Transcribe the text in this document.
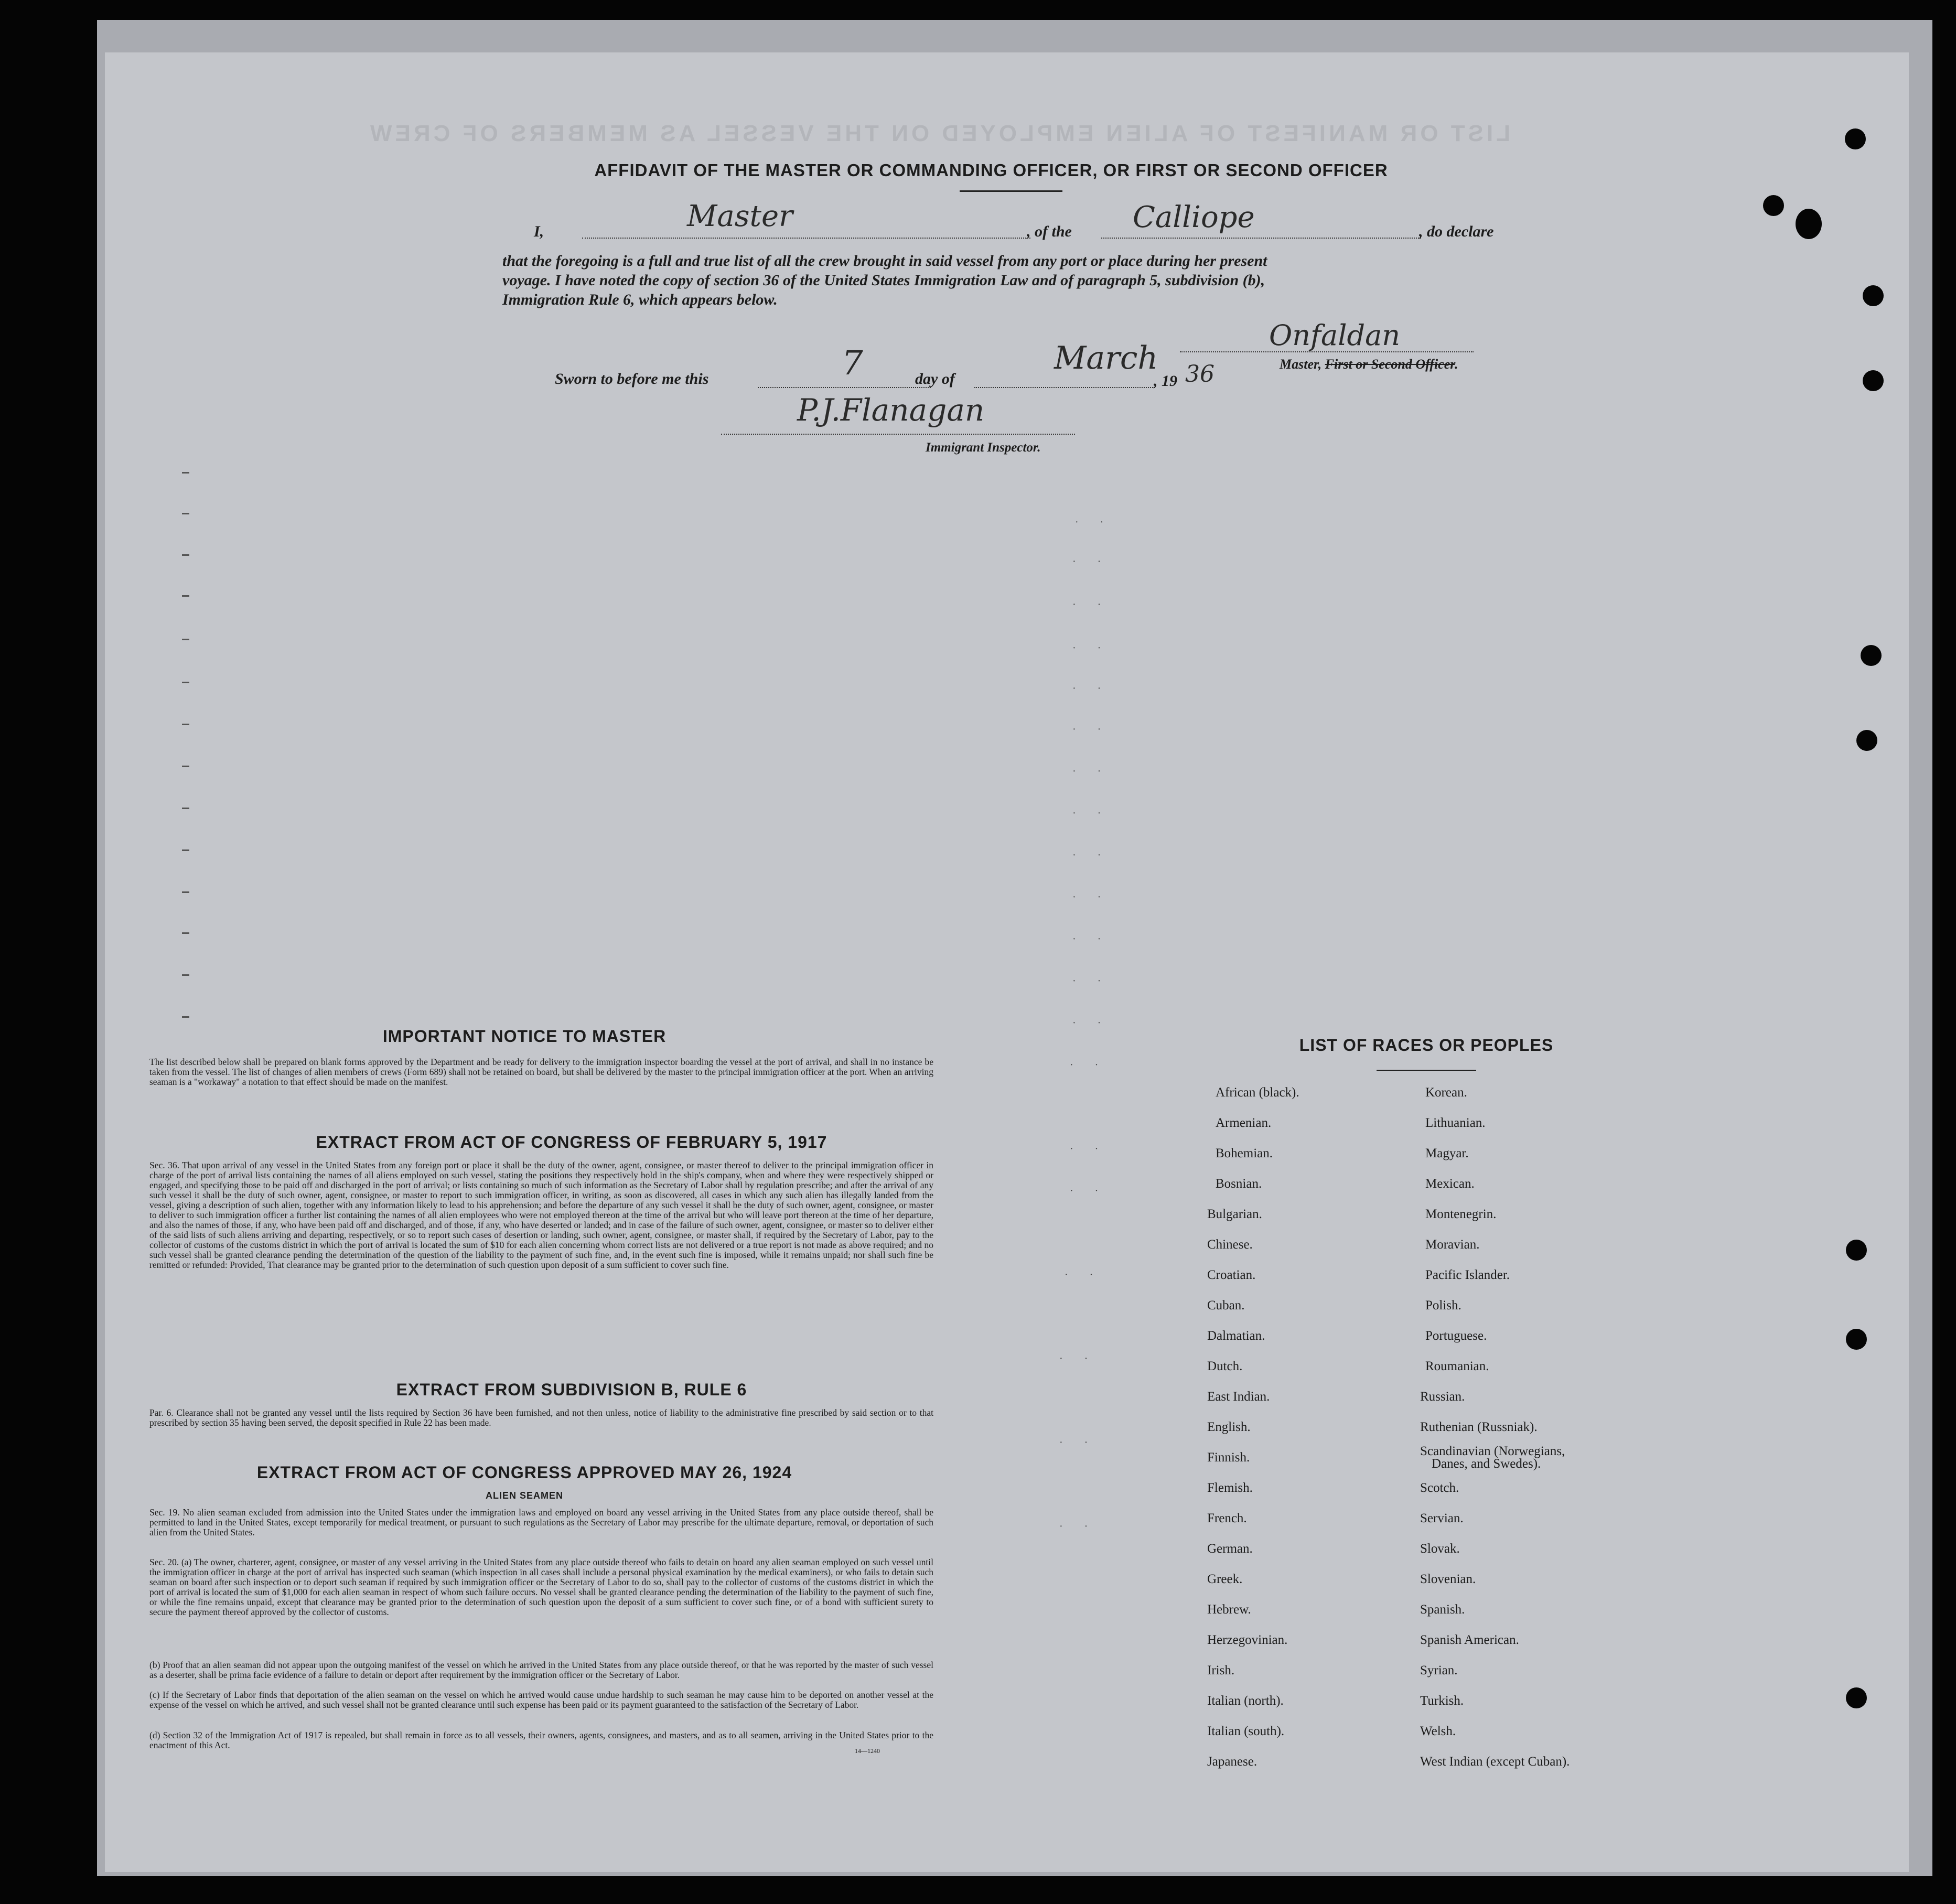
LIST OR MANIFEST OF ALIEN EMPLOYED ON THE VESSEL AS MEMBERS OF CREW
AFFIDAVIT OF THE MASTER OR COMMANDING OFFICER, OR FIRST OR SECOND OFFICER
I,	Master	, of the Calliope	, do declare
that the foregoing is a full and true list of all the crew brought in said vessel from any port or place during her present
voyage. I have noted the copy of section 36 of the United States Immigration Law and of paragraph 5, subdivision (b),
Immigration Rule 6, which appears below.
Sworn to before me this	7	day of
March
, 19 36
Onfaldan
Master, First or Second Officer.
P.J.Flanagan
Immigrant Inspector.
· ·
· ·
· ·
· ·
· ·
· ·
· ·
· ·
· ·
· ·
· ·
· ·
· ·
· ·
· ·
· ·
· ·
· ·
· ·
· ·
IMPORTANT NOTICE TO MASTER
The list described below shall be prepared on blank forms approved by the Department and be ready for delivery to the immigration inspector boarding the vessel at the port of arrival, and shall in no instance be taken from the vessel. The list of changes of alien members of crews (Form 689) shall not be retained on board, but shall be delivered by the master to the principal immigration officer at the port. When an arriving seaman is a "workaway" a notation to that effect should be made on the manifest.
EXTRACT FROM ACT OF CONGRESS OF FEBRUARY 5, 1917
Sec. 36. That upon arrival of any vessel in the United States from any foreign port or place it shall be the duty of the owner, agent, consignee, or master thereof to deliver to the principal immigration officer in charge of the port of arrival lists containing the names of all aliens employed on such vessel, stating the positions they respectively hold in the ship's company, when and where they were respectively shipped or engaged, and specifying those to be paid off and discharged in the port of arrival; or lists containing so much of such information as the Secretary of Labor shall by regulation prescribe; and after the arrival of any such vessel it shall be the duty of such owner, agent, consignee, or master to report to such immigration officer, in writing, as soon as discovered, all cases in which any such alien has illegally landed from the vessel, giving a description of such alien, together with any information likely to lead to his apprehension; and before the departure of any such vessel it shall be the duty of such owner, agent, consignee, or master to deliver to such immigration officer a further list containing the names of all alien employees who were not employed thereon at the time of the arrival but who will leave port thereon at the time of her departure, and also the names of those, if any, who have been paid off and discharged, and of those, if any, who have deserted or landed; and in case of the failure of such owner, agent, consignee, or master so to deliver either of the said lists of such aliens arriving and departing, respectively, or so to report such cases of desertion or landing, such owner, agent, consignee, or master shall, if required by the Secretary of Labor, pay to the collector of customs of the customs district in which the port of arrival is located the sum of $10 for each alien concerning whom correct lists are not delivered or a true report is not made as above required; and no such vessel shall be granted clearance pending the determination of the question of the liability to the payment of such fine, and, in the event such fine is imposed, while it remains unpaid; nor shall such fine be remitted or refunded: Provided, That clearance may be granted prior to the determination of such question upon deposit of a sum sufficient to cover such fine.
EXTRACT FROM SUBDIVISION B, RULE 6
Par. 6. Clearance shall not be granted any vessel until the lists required by Section 36 have been furnished, and not then unless, notice of liability to the administrative fine prescribed by said section or to that prescribed by section 35 having been served, the deposit specified in Rule 22 has been made.
EXTRACT FROM ACT OF CONGRESS APPROVED MAY 26, 1924
ALIEN SEAMEN
Sec. 19. No alien seaman excluded from admission into the United States under the immigration laws and employed on board any vessel arriving in the United States from any place outside thereof, shall be permitted to land in the United States, except temporarily for medical treatment, or pursuant to such regulations as the Secretary of Labor may prescribe for the ultimate departure, removal, or deportation of such alien from the United States.
Sec. 20. (a) The owner, charterer, agent, consignee, or master of any vessel arriving in the United States from any place outside thereof who fails to detain on board any alien seaman employed on such vessel until the immigration officer in charge at the port of arrival has inspected such seaman (which inspection in all cases shall include a personal physical examination by the medical examiners), or who fails to detain such seaman on board after such inspection or to deport such seaman if required by such immigration officer or the Secretary of Labor to do so, shall pay to the collector of customs of the customs district in which the port of arrival is located the sum of $1,000 for each alien seaman in respect of whom such failure occurs. No vessel shall be granted clearance pending the determination of the liability to the payment of such fine, or while the fine remains unpaid, except that clearance may be granted prior to the determination of such question upon the deposit of a sum sufficient to cover such fine, or of a bond with sufficient surety to secure the payment thereof approved by the collector of customs.
(b) Proof that an alien seaman did not appear upon the outgoing manifest of the vessel on which he arrived in the United States from any place outside thereof, or that he was reported by the master of such vessel as a deserter, shall be prima facie evidence of a failure to detain or deport after requirement by the immigration officer or the Secretary of Labor.
(c) If the Secretary of Labor finds that deportation of the alien seaman on the vessel on which he arrived would cause undue hardship to such seaman he may cause him to be deported on another vessel at the expense of the vessel on which he arrived, and such vessel shall not be granted clearance until such expense has been paid or its payment guaranteed to the satisfaction of the Secretary of Labor.
(d) Section 32 of the Immigration Act of 1917 is repealed, but shall remain in force as to all vessels, their owners, agents, consignees, and masters, and as to all seamen, arriving in the United States prior to the enactment of this Act.
14—1240
LIST OF RACES OR PEOPLES
African (black).
Armenian.
Bohemian.
Bosnian.
Bulgarian.
Chinese.
Croatian.
Cuban.
Dalmatian.
Dutch.
East Indian.
English.
Finnish.
Flemish.
French.
German.
Greek.
Hebrew.
Herzegovinian.
Irish.
Italian (north).
Italian (south).
Japanese.
Korean.
Lithuanian.
Magyar.
Mexican.
Montenegrin.
Moravian.
Pacific Islander.
Polish.
Portuguese.
Roumanian.
Russian.
Ruthenian (Russniak).
Scandinavian (Norwegians,
Scotch.
Servian.
Slovak.
Slovenian.
Spanish.
Spanish American.
Syrian.
Turkish.
Welsh.
West Indian (except Cuban).
Danes, and Swedes).
